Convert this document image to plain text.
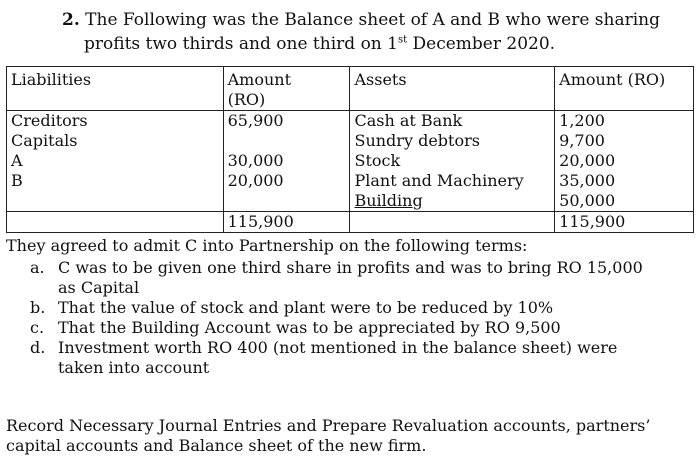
2. The Following was the Balance sheet of A and B who were sharing
profits two thirds and one third on 1st December 2020.
Liabilities	Amount (RO)	Assets	Amount (RO)
Creditors	65,900	Cash at Bank	1,200
Capitals		Sundry debtors	9,700
A	30,000	Stock	20,000
B	20,000	Plant and Machinery	35,000
		Building	50,000
	115,900		115,900
They agreed to admit C into Partnership on the following terms:
a. C was to be given one third share in profits and was to bring RO 15,000
as Capital
b. That the value of stock and plant were to be reduced by 10%
c. That the Building Account was to be appreciated by RO 9,500
d. Investment worth RO 400 (not mentioned in the balance sheet) were
taken into account
Record Necessary Journal Entries and Prepare Revaluation accounts, partners’
capital accounts and Balance sheet of the new firm.
